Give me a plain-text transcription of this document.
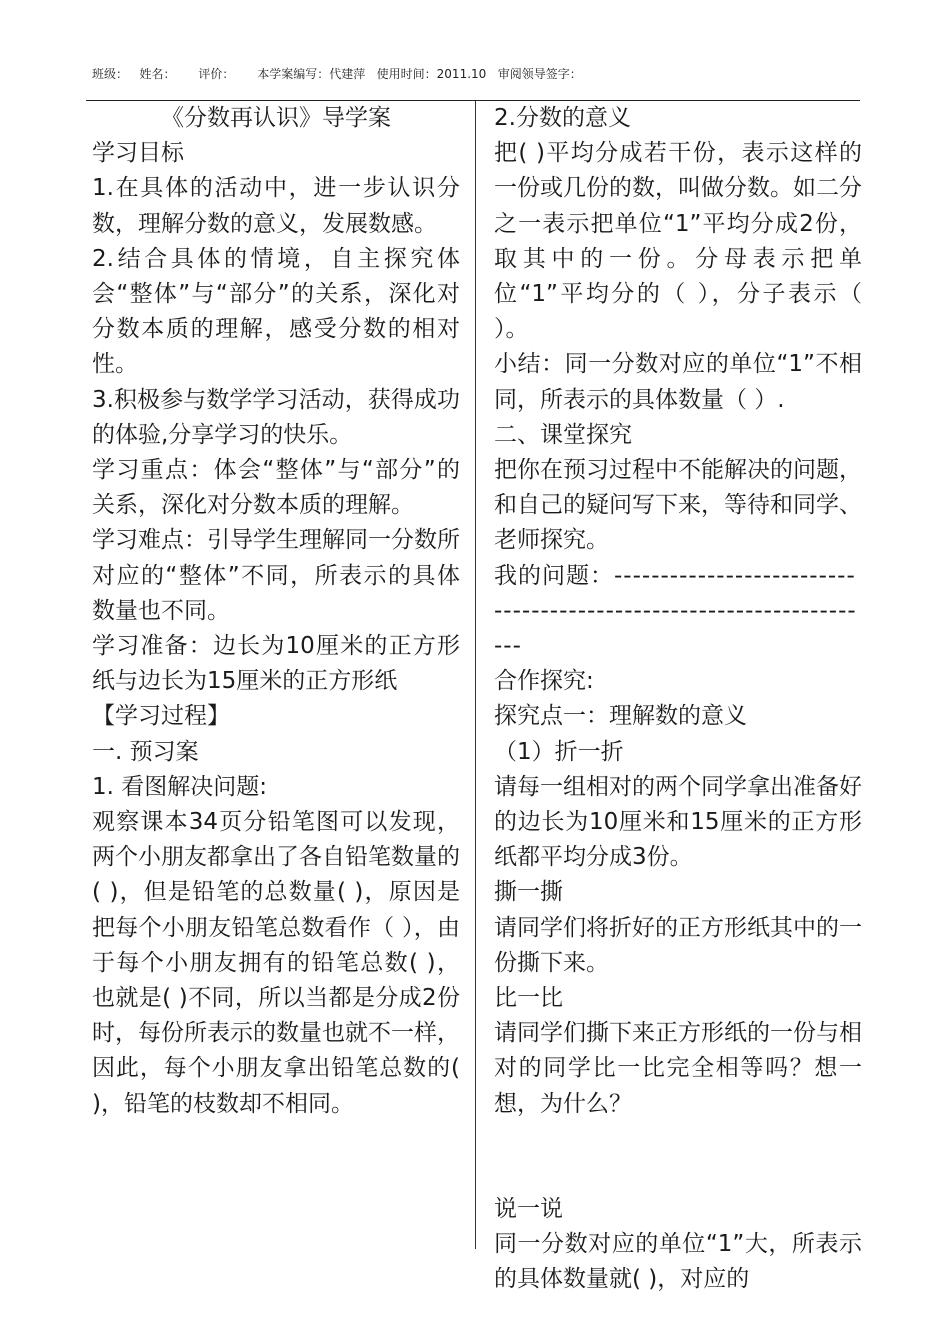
班级：   姓名：      评价：      本学案编写：代建萍   使用时间：2011.10   审阅领导签字：

《分数再认识》导学案

学习目标

1.在具体的活动中，进一步认识分数，理解分数的意义，发展数感。

2.结合具体的情境，自主探究体会“整体”与“部分”的关系，深化对分数本质的理解，感受分数的相对性。

3.积极参与数学学习活动，获得成功的体验,分享学习的快乐。

学习重点：体会“整体”与“部分”的关系，深化对分数本质的理解。

学习难点：引导学生理解同一分数所对应的“整体”不同，所表示的具体数量也不同。

学习准备：边长为10厘米的正方形纸与边长为15厘米的正方形纸

【学习过程】

一. 预习案

1. 看图解决问题:

观察课本34页分铅笔图可以发现，两个小朋友都拿出了各自铅笔数量的( )，但是铅笔的总数量( )，原因是把每个小朋友铅笔总数看作（ ），由于每个小朋友拥有的铅笔总数( )，也就是( )不同，所以当都是分成2份时，每份所表示的数量也就不一样，因此，每个小朋友拿出铅笔总数的( )，铅笔的枝数却不相同。

2.分数的意义

把( )平均分成若干份，表示这样的一份或几份的数，叫做分数。如二分之一表示把单位“1”平均分成2份，取其中的一份。分母表示把单位“1”平均分的（ ），分子表示（ ）。

小结：同一分数对应的单位“1”不相同，所表示的具体数量（ ）.

二、课堂探究

把你在预习过程中不能解决的问题，和自己的疑问写下来，等待和同学、老师探究。

我的问题：--------------------------

---------------------------------------

---

合作探究:

探究点一：理解数的意义

（1）折一折

请每一组相对的两个同学拿出准备好的边长为10厘米和15厘米的正方形纸都平均分成3份。

撕一撕

请同学们将折好的正方形纸其中的一份撕下来。

比一比

请同学们撕下来正方形纸的一份与相对的同学比一比完全相等吗？想一想，为什么？

说一说

同一分数对应的单位“1”大，所表示的具体数量就( )，对应的
